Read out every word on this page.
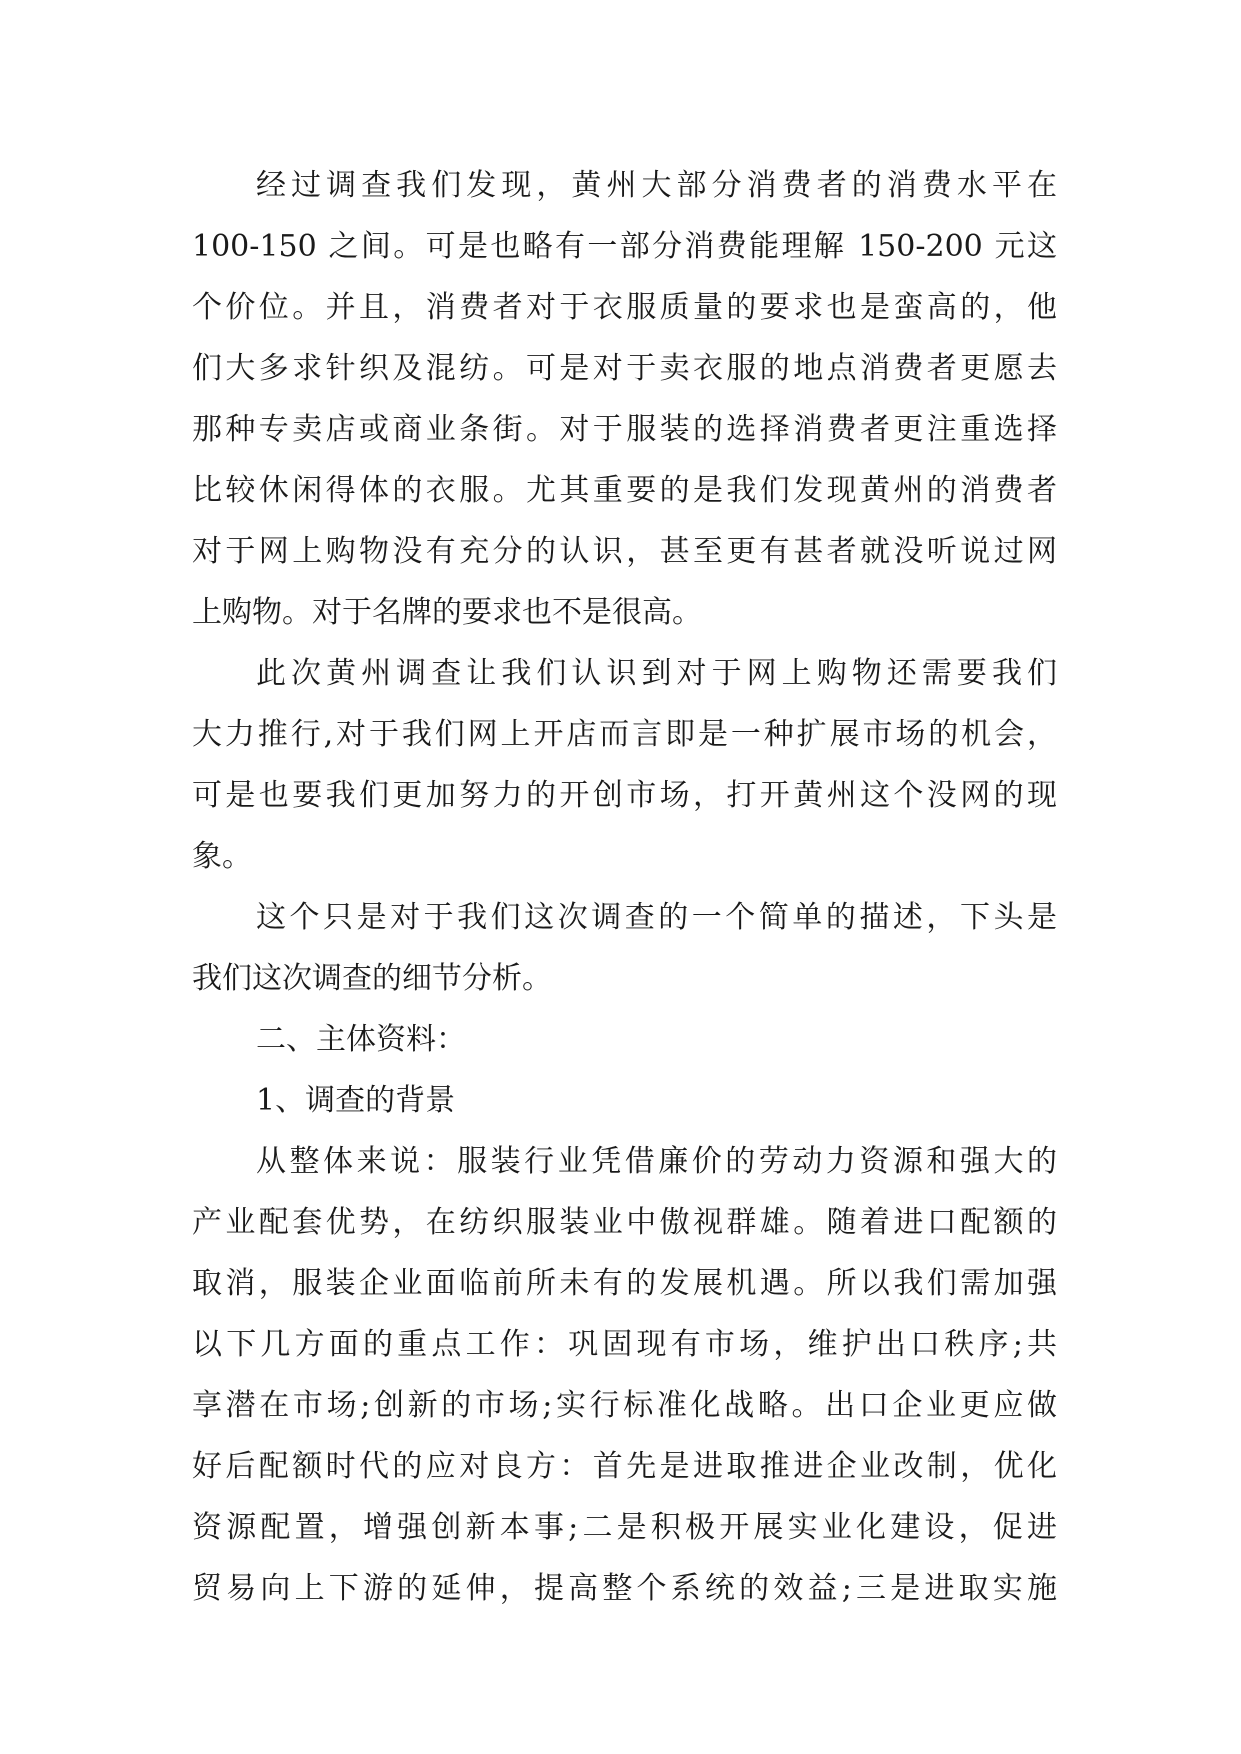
经过调查我们发现，黄州大部分消费者的消费水平在
100-150 之间。可是也略有一部分消费能理解 150-200 元这
个价位。并且，消费者对于衣服质量的要求也是蛮高的，他
们大多求针织及混纺。可是对于卖衣服的地点消费者更愿去
那种专卖店或商业条街。对于服装的选择消费者更注重选择
比较休闲得体的衣服。尤其重要的是我们发现黄州的消费者
对于网上购物没有充分的认识，甚至更有甚者就没听说过网
上购物。对于名牌的要求也不是很高。
此次黄州调查让我们认识到对于网上购物还需要我们
大力推行,对于我们网上开店而言即是一种扩展市场的机会，
可是也要我们更加努力的开创市场，打开黄州这个没网的现
象。
这个只是对于我们这次调查的一个简单的描述，下头是
我们这次调查的细节分析。
二、主体资料：
1、调查的背景
从整体来说：服装行业凭借廉价的劳动力资源和强大的
产业配套优势，在纺织服装业中傲视群雄。随着进口配额的
取消，服装企业面临前所未有的发展机遇。所以我们需加强
以下几方面的重点工作：巩固现有市场，维护出口秩序;共
享潜在市场;创新的市场;实行标准化战略。出口企业更应做
好后配额时代的应对良方：首先是进取推进企业改制，优化
资源配置，增强创新本事;二是积极开展实业化建设，促进
贸易向上下游的延伸，提高整个系统的效益;三是进取实施
